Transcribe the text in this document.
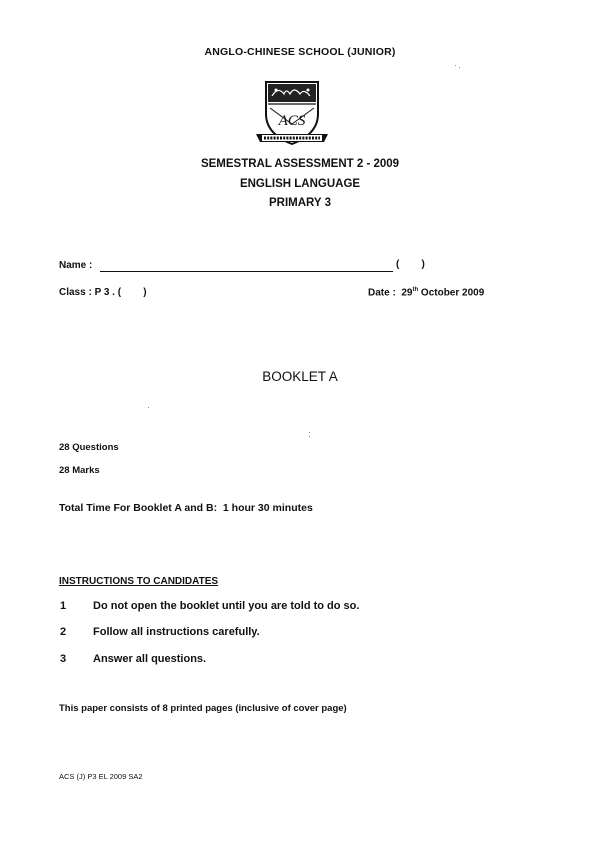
ANGLO-CHINESE SCHOOL (JUNIOR)
ACS
SEMESTRAL ASSESSMENT 2 - 2009
ENGLISH LANGUAGE
PRIMARY 3
Name :	(        )
Class : P 3 . (        )	Date :  29th October 2009
BOOKLET A
28 Questions
28 Marks
Total Time For Booklet A and B:  1 hour 30 minutes
INSTRUCTIONS TO CANDIDATES
1 Do not open the booklet until you are told to do so.
2 Follow all instructions carefully.
3 Answer all questions.
This paper consists of 8 printed pages (inclusive of cover page)
ACS (J) P3 EL 2009 SA2
